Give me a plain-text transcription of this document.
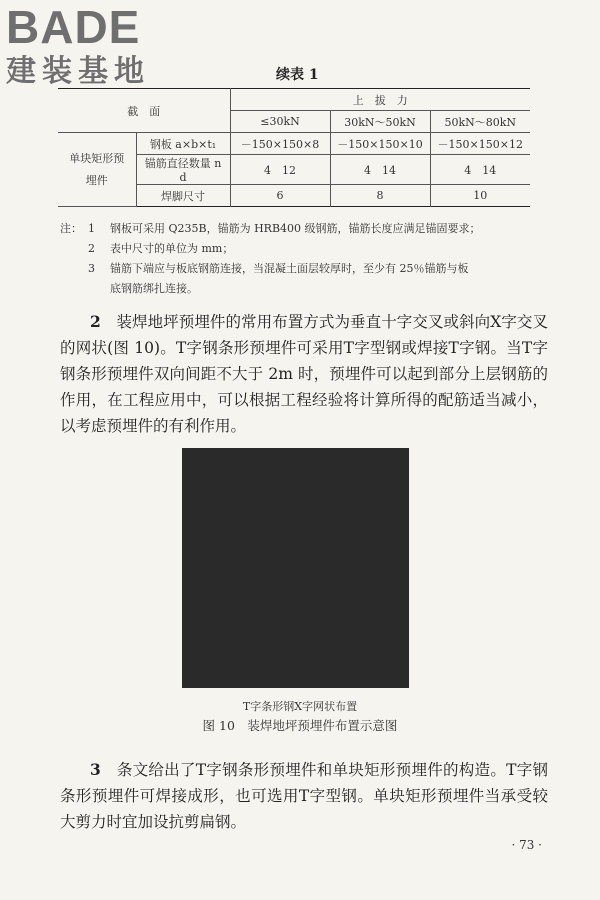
BADE
建装基地	续表 1
截　面		上　拔　力		
		≤30kN	30kN～50kN	50kN～80kN
单块矩形预埋件	钢板 a×b×t₁	－150×150×8	－150×150×10	－150×150×12
	锚筋直径数量 n　d	4　12	4　14	4　14
	焊脚尺寸	6	8	10
注： 1	钢板可采用 Q235B，锚筋为 HRB400 级钢筋，锚筋长度应满足锚固要求；
2	表中尺寸的单位为 mm；
3	锚筋下端应与板底钢筋连接，当混凝土面层较厚时，至少有 25％锚筋与板
底钢筋绑扎连接。
2　 装焊地坪预埋件的常用布置方式为垂直十字交叉或斜向X字交叉的网状(图 10)。T字钢条形预埋件可采用T字型钢或焊接T字钢。当T字钢条形预埋件双向间距不大于 2m 时，预埋件可以起到部分上层钢筋的作用，在工程应用中，可以根据工程经验将计算所得的配筋适当减小，以考虑预埋件的有利作用。
T字条形钢X字网状布置
图 10　装焊地坪预埋件布置示意图
3　 条文给出了T字钢条形预埋件和单块矩形预埋件的构造。T字钢条形预埋件可焊接成形，也可选用T字型钢。单块矩形预埋件当承受较大剪力时宜加设抗剪扁钢。
· 73 ·
